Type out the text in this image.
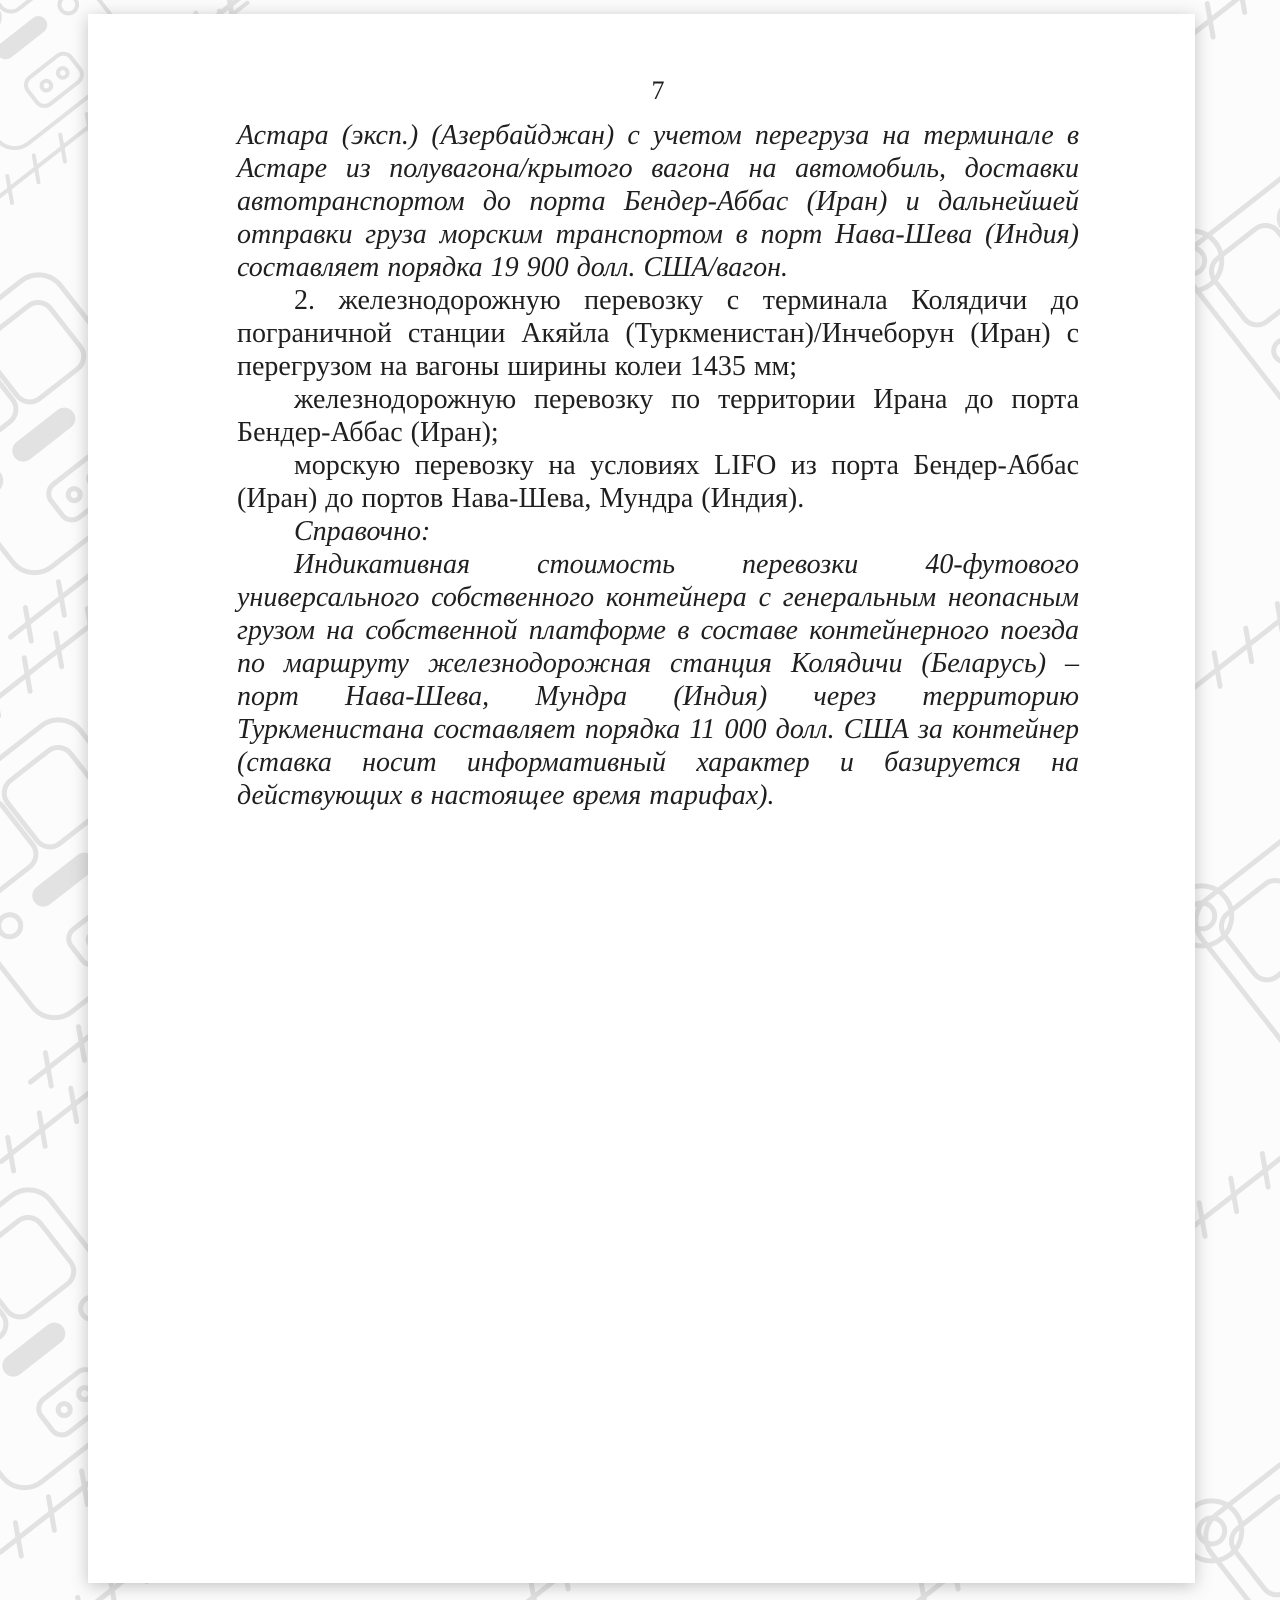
7

Астара (эксп.) (Азербайджан) с учетом перегруза на терминале в Астаре из полувагона/крытого вагона на автомобиль, доставки автотранспортом до порта Бендер-Аббас (Иран) и дальнейшей отправки груза морским транспортом в порт Нава-Шева (Индия) составляет порядка 19 900 долл. США/вагон.

2. железнодорожную перевозку с терминала Колядичи до пограничной станции Акяйла (Туркменистан)/Инчеборун (Иран) с перегрузом на вагоны ширины колеи 1435 мм;

железнодорожную перевозку по территории Ирана до порта Бендер-Аббас (Иран);

морскую перевозку на условиях LIFO из порта Бендер-Аббас (Иран) до портов Нава-Шева, Мундра (Индия).

Справочно:

Индикативная стоимость перевозки 40-футового универсального собственного контейнера с генеральным неопасным грузом на собственной платформе в составе контейнерного поезда по маршруту железнодорожная станция Колядичи (Беларусь) –

порт Нава-Шева, Мундра (Индия) через территорию Туркменистана составляет порядка 11 000 долл. США за контейнер (ставка носит информативный характер и базируется на действующих в настоящее время тарифах).
